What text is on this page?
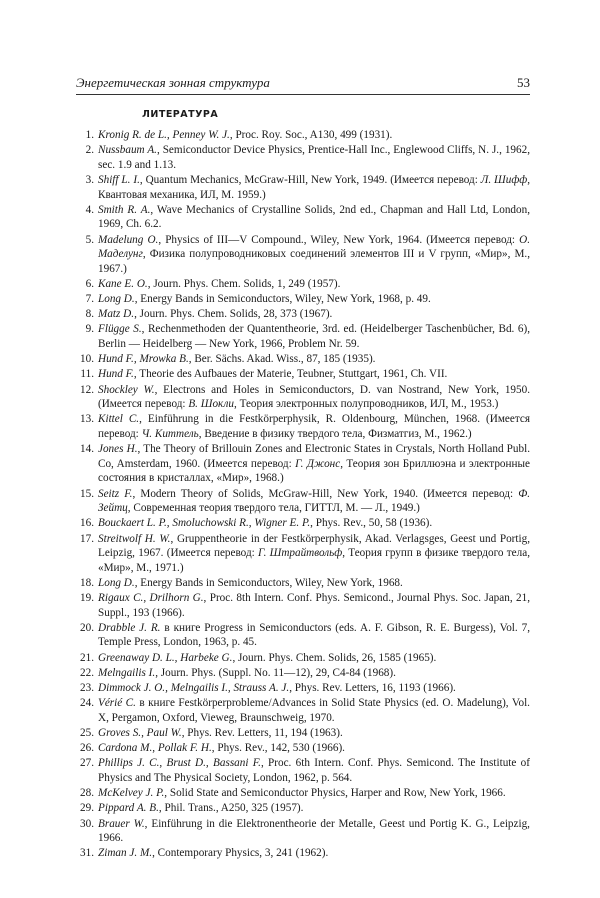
Энергетическая зонная структура	53
ЛИТЕРАТУРА
1. Kronig R. de L., Penney W. J., Proc. Roy. Soc., A130, 499 (1931).
2. Nussbaum A., Semiconductor Device Physics, Prentice-Hall Inc., Englewood Cliffs, N. J., 1962, sec. 1.9 and 1.13.
3. Shiff L. I., Quantum Mechanics, McGraw-Hill, New York, 1949. (Имеется перевод: Л. Шифф, Квантовая механика, ИЛ, М. 1959.)
4. Smith R. A., Wave Mechanics of Crystalline Solids, 2nd ed., Chapman and Hall Ltd, London, 1969, Ch. 6.2.
5. Madelung O., Physics of III—V Compound., Wiley, New York, 1964. (Имеется перевод: О. Маделунг, Физика полупроводниковых соединений элементов III и V групп, «Мир», М., 1967.)
6. Kane E. O., Journ. Phys. Chem. Solids, 1, 249 (1957).
7. Long D., Energy Bands in Semiconductors, Wiley, New York, 1968, p. 49.
8. Matz D., Journ. Phys. Chem. Solids, 28, 373 (1967).
9. Flügge S., Rechenmethoden der Quantentheorie, 3rd. ed. (Heidelberger Taschenbücher, Bd. 6), Berlin — Heidelberg — New York, 1966, Problem Nr. 59.
10. Hund F., Mrowka B., Ber. Sächs. Akad. Wiss., 87, 185 (1935).
11. Hund F., Theorie des Aufbaues der Materie, Teubner, Stuttgart, 1961, Ch. VII.
12. Shockley W., Electrons and Holes in Semiconductors, D. van Nostrand, New York, 1950. (Имеется перевод: В. Шокли, Теория электронных полупроводников, ИЛ, М., 1953.)
13. Kittel C., Einführung in die Festkörperphysik, R. Oldenbourg, München, 1968. (Имеется перевод: Ч. Киттель, Введение в физику твердого тела, Физматгиз, М., 1962.)
14. Jones H., The Theory of Brillouin Zones and Electronic States in Crystals, North Holland Publ. Co, Amsterdam, 1960. (Имеется перевод: Г. Джонс, Теория зон Бриллюэна и электронные состояния в кристаллах, «Мир», 1968.)
15. Seitz F., Modern Theory of Solids, McGraw-Hill, New York, 1940. (Имеется перевод: Ф. Зейтц, Современная теория твердого тела, ГИТТЛ, М. — Л., 1949.)
16. Bouckaert L. P., Smoluchowski R., Wigner E. P., Phys. Rev., 50, 58 (1936).
17. Streitwolf H. W., Gruppentheorie in der Festkörperphysik, Akad. Verlagsges, Geest und Portig, Leipzig, 1967. (Имеется перевод: Г. Штрайтвольф, Теория групп в физике твердого тела, «Мир», М., 1971.)
18. Long D., Energy Bands in Semiconductors, Wiley, New York, 1968.
19. Rigaux C., Drilhorn G., Proc. 8th Intern. Conf. Phys. Semicond., Journal Phys. Soc. Japan, 21, Suppl., 193 (1966).
20. Drabble J. R. в книге Progress in Semiconductors (eds. A. F. Gibson, R. E. Burgess), Vol. 7, Temple Press, London, 1963, p. 45.
21. Greenaway D. L., Harbeke G., Journ. Phys. Chem. Solids, 26, 1585 (1965).
22. Melngailis I., Journ. Phys. (Suppl. No. 11—12), 29, C4-84 (1968).
23. Dimmock J. O., Melngailis I., Strauss A. J., Phys. Rev. Letters, 16, 1193 (1966).
24. Vérié C. в книге Festkörperprobleme/Advances in Solid State Physics (ed. O. Madelung), Vol. X, Pergamon, Oxford, Vieweg, Braunschweig, 1970.
25. Groves S., Paul W., Phys. Rev. Letters, 11, 194 (1963).
26. Cardona M., Pollak F. H., Phys. Rev., 142, 530 (1966).
27. Phillips J. C., Brust D., Bassani F., Proc. 6th Intern. Conf. Phys. Semicond. The Institute of Physics and The Physical Society, London, 1962, p. 564.
28. McKelvey J. P., Solid State and Semiconductor Physics, Harper and Row, New York, 1966.
29. Pippard A. B., Phil. Trans., A250, 325 (1957).
30. Brauer W., Einführung in die Elektronentheorie der Metalle, Geest und Portig K. G., Leipzig, 1966.
31. Ziman J. M., Contemporary Physics, 3, 241 (1962).
